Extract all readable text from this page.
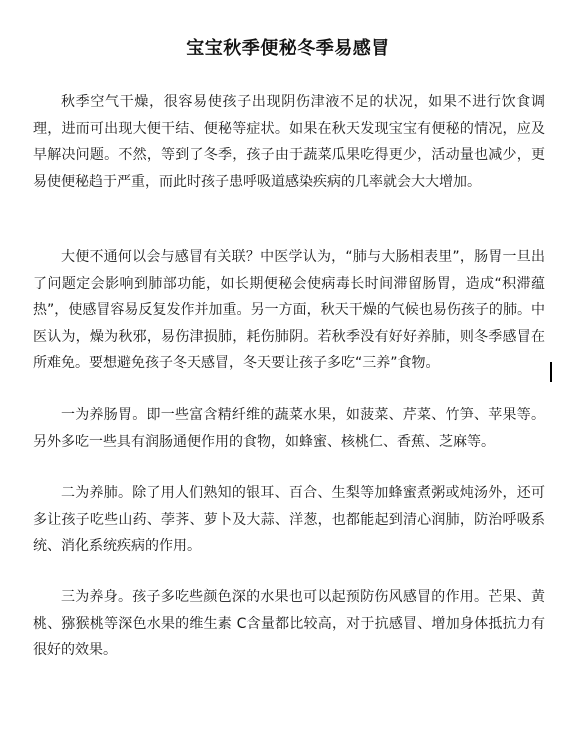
宝宝秋季便秘冬季易感冒

秋季空气干燥，很容易使孩子出现阴伤津液不足的状况，如果不进行饮食调理，进而可出现大便干结、便秘等症状。如果在秋天发现宝宝有便秘的情况，应及早解决问题。不然，等到了冬季，孩子由于蔬菜瓜果吃得更少，活动量也减少，更易使便秘趋于严重，而此时孩子患呼吸道感染疾病的几率就会大大增加。

大便不通何以会与感冒有关联？中医学认为，“肺与大肠相表里”，肠胃一旦出了问题定会影响到肺部功能，如长期便秘会使病毒长时间滞留肠胃，造成“积滞蕴热”，使感冒容易反复发作并加重。另一方面，秋天干燥的气候也易伤孩子的肺。中医认为，燥为秋邪，易伤津损肺，耗伤肺阴。若秋季没有好好养肺，则冬季感冒在所难免。要想避免孩子冬天感冒，冬天要让孩子多吃“三养”食物。

一为养肠胃。即一些富含精纤维的蔬菜水果，如菠菜、芹菜、竹笋、苹果等。另外多吃一些具有润肠通便作用的食物，如蜂蜜、核桃仁、香蕉、芝麻等。

二为养肺。除了用人们熟知的银耳、百合、生梨等加蜂蜜煮粥或炖汤外，还可多让孩子吃些山药、荸荠、萝卜及大蒜、洋葱，也都能起到清心润肺，防治呼吸系统、消化系统疾病的作用。

三为养身。孩子多吃些颜色深的水果也可以起预防伤风感冒的作用。芒果、黄桃、猕猴桃等深色水果的维生素 C含量都比较高，对于抗感冒、增加身体抵抗力有很好的效果。
